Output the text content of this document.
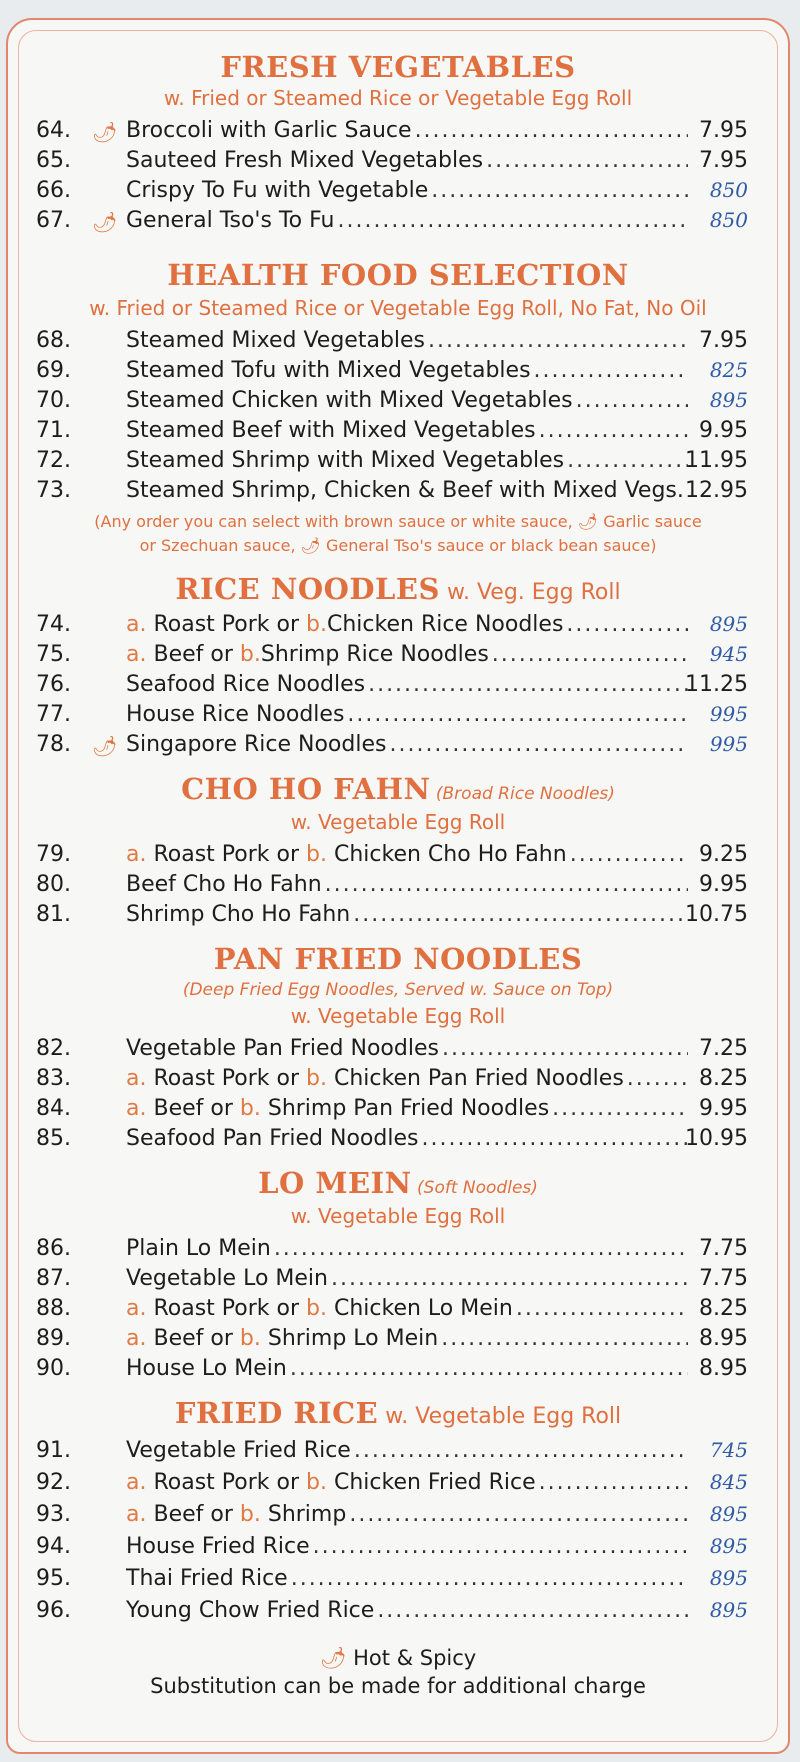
FRESH VEGETABLES
w. Fried or Steamed Rice or Vegetable Egg Roll
64.	🌶 Broccoli with Garlic Sauce .....	7.95
65.	Sauteed Fresh Mixed Vegetables .....	7.95
66.	Crispy To Fu with Vegetable .....	850
67.	🌶 General Tso's To Fu .....	850
HEALTH FOOD SELECTION
w. Fried or Steamed Rice or Vegetable Egg Roll, No Fat, No Oil
68.	Steamed Mixed Vegetables .....	7.95
69.	Steamed Tofu with Mixed Vegetables .....	825
70.	Steamed Chicken with Mixed Vegetables .....	895
71.	Steamed Beef with Mixed Vegetables .....	9.95
72.	Steamed Shrimp with Mixed Vegetables .....	11.95
73.	Steamed Shrimp, Chicken & Beef with Mixed Vegs. ..... 12.95
(Any order you can select with brown sauce or white sauce, 🌶 Garlic sauce
or Szechuan sauce, 🌶 General Tso's sauce or black bean sauce)
RICE NOODLES w. Veg. Egg Roll
74.	a. Roast Pork or b.Chicken Rice Noodles .....	895
75.	a. Beef or b.Shrimp Rice Noodles .....	945
76.	Seafood Rice Noodles .....	11.25
77.	House Rice Noodles .....	995
78.	🌶 Singapore Rice Noodles .....	995
CHO HO FAHN (Broad Rice Noodles)
w. Vegetable Egg Roll
79.	a. Roast Pork or b. Chicken Cho Ho Fahn .....	9.25
80.	Beef Cho Ho Fahn .....	9.95
81.	Shrimp Cho Ho Fahn .....	10.75
PAN FRIED NOODLES
(Deep Fried Egg Noodles, Served w. Sauce on Top)
w. Vegetable Egg Roll
82.	Vegetable Pan Fried Noodles .....	7.25
83.	a. Roast Pork or b. Chicken Pan Fried Noodles .....	8.25
84.	a. Beef or b. Shrimp Pan Fried Noodles .....	9.95
85.	Seafood Pan Fried Noodles .....	10.95
LO MEIN (Soft Noodles)
w. Vegetable Egg Roll
86.	Plain Lo Mein .....	7.75
87.	Vegetable Lo Mein .....	7.75
88.	a. Roast Pork or b. Chicken Lo Mein .....	8.25
89.	a. Beef or b. Shrimp Lo Mein .....	8.95
90.	House Lo Mein .....	8.95
FRIED RICE w. Vegetable Egg Roll
91.	Vegetable Fried Rice .....	745
92.	a. Roast Pork or b. Chicken Fried Rice .....	845
93.	a. Beef or b. Shrimp .....	895
94.	House Fried Rice .....	895
95.	Thai Fried Rice .....	895
96.	Young Chow Fried Rice .....	895
🌶 Hot & Spicy
Substitution can be made for additional charge
